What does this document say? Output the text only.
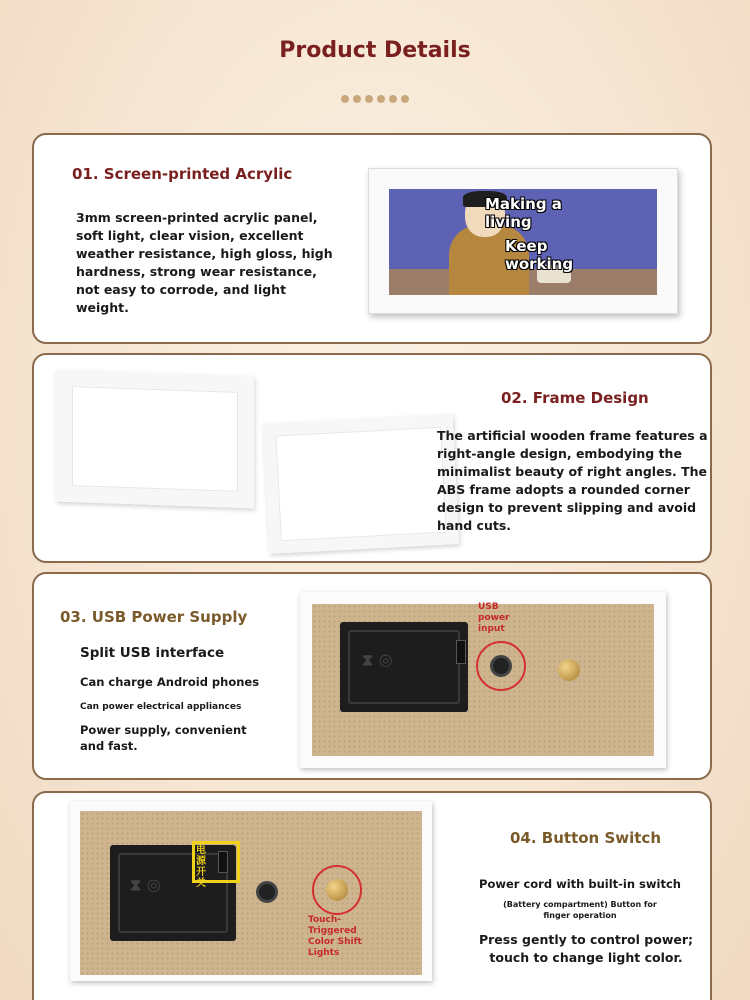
Product Details
01. Screen-printed Acrylic
3mm screen-printed acrylic panel, soft light, clear vision, excellent weather resistance, high gloss, high hardness, strong wear resistance, not easy to corrode, and light weight.
Making a
living
Keep
working
02. Frame Design
The artificial wooden frame features a right-angle design, embodying the minimalist beauty of right angles. The ABS frame adopts a rounded corner design to prevent slipping and avoid hand cuts.
03. USB Power Supply
Split USB interface
Can charge Android phones
Can power electrical appliances
Power supply, convenient and fast.
⧗ ◎
USB power input
⧗ ◎
电源开关
Touch-Triggered Color Shift Lights
04. Button Switch
Power cord with built-in switch
(Battery compartment) Button for finger operation
Press gently to control power; touch to change light color.
